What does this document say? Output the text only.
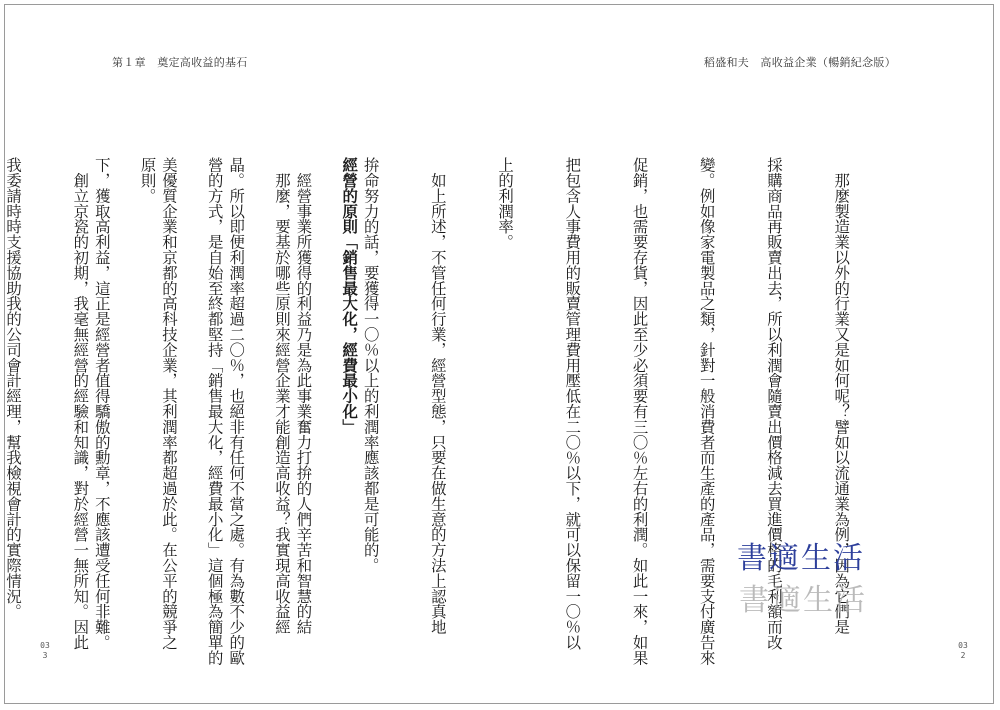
第１章　奠定高收益的基石	稻盛和夫　高收益企業（暢銷紀念版）

　那麼製造業以外的行業又是如何呢？譬如以流通業為例，因為它們是

採購商品再販賣出去，所以利潤會隨賣出價格減去買進價格的毛利額而改

變。例如像家電製品之類，針對一般消費者而生產的產品，需要支付廣告來

促銷，也需要存貨，因此至少必須要有三〇％左右的利潤。如此一來，如果

把包含人事費用的販賣管理費用壓低在二〇％以下，就可以保留一〇％以

上的利潤率。

　如上所述，不管任何行業，經營型態，只要在做生意的方法上認真地

拚命努力的話，要獲得一〇％以上的利潤率應該都是可能的。

　經營事業所獲得的利益乃是為此事業奮力打拚的人們辛苦和智慧的結

晶。所以即便利潤率超過二〇％，也絕非有任何不當之處。有為數不少的歐

美優質企業和京都的高科技企業，其利潤率都超過於此。在公平的競爭之

下，獲取高利益，這正是經營者值得驕傲的勳章，不應該遭受任何非難。

	經營的原則「銷售最大化，經費最小化」

　那麼，要基於哪些原則來經營企業才能創造高收益？我實現高收益經

營的方式，是自始至終都堅持「銷售最大化，經費最小化」這個極為簡單的

原則。

　創立京瓷的初期，我毫無經營的經驗和知識，對於經營一無所知。因此

我委請時時支援協助我的公司會計經理，幫我檢視會計的實際情況。

033
032
書適生活
書適生活
